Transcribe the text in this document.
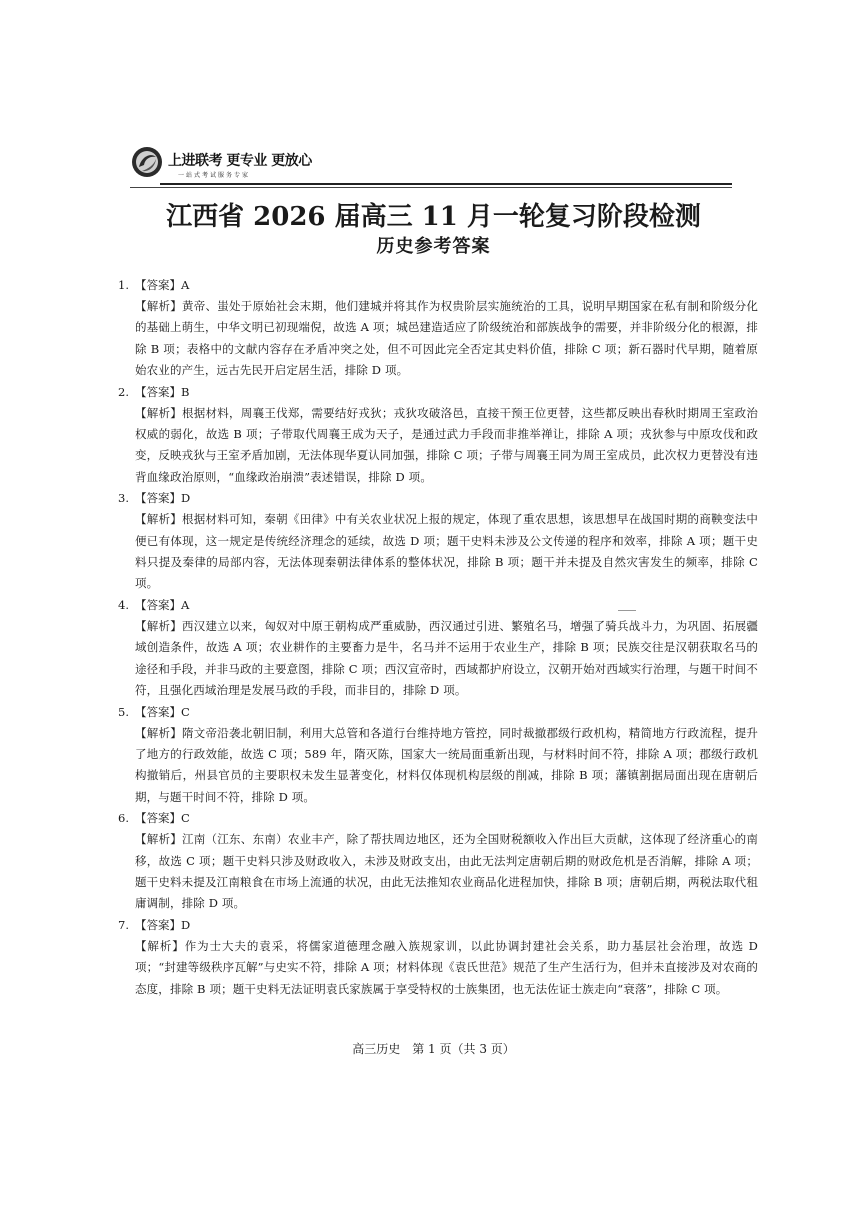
上进联考 更专业 更放心
一站式考试服务专家
江西省 2026 届高三 11 月一轮复习阶段检测
历史参考答案
1. 【答案】A
【解析】黄帝、蚩处于原始社会末期，他们建城并将其作为权贵阶层实施统治的工具，说明早期国家在私有制和阶级分化的基础上萌生，中华文明已初现端倪，故选 A 项；城邑建造适应了阶级统治和部族战争的需要，并非阶级分化的根源，排除 B 项；表格中的文献内容存在矛盾冲突之处，但不可因此完全否定其史料价值，排除 C 项；新石器时代早期，随着原始农业的产生，远古先民开启定居生活，排除 D 项。
2. 【答案】B
【解析】根据材料，周襄王伐郑，需要结好戎狄；戎狄攻破洛邑，直接干预王位更替，这些都反映出春秋时期周王室政治权威的弱化，故选 B 项；子带取代周襄王成为天子，是通过武力手段而非推举禅让，排除 A 项；戎狄参与中原攻伐和政变，反映戎狄与王室矛盾加剧，无法体现华夏认同加强，排除 C 项；子带与周襄王同为周王室成员，此次权力更替没有违背血缘政治原则，“血缘政治崩溃”表述错误，排除 D 项。
3. 【答案】D
【解析】根据材料可知，秦朝《田律》中有关农业状况上报的规定，体现了重农思想，该思想早在战国时期的商鞅变法中便已有体现，这一规定是传统经济理念的延续，故选 D 项；题干史料未涉及公文传递的程序和效率，排除 A 项；题干史料只提及秦律的局部内容，无法体现秦朝法律体系的整体状况，排除 B 项；题干并未提及自然灾害发生的频率，排除 C 项。
4. 【答案】A
【解析】西汉建立以来，匈奴对中原王朝构成严重威胁，西汉通过引进、繁殖名马，增强了骑兵战斗力，为巩固、拓展疆域创造条件，故选 A 项；农业耕作的主要畜力是牛，名马并不运用于农业生产，排除 B 项；民族交往是汉朝获取名马的途径和手段，并非马政的主要意图，排除 C 项；西汉宣帝时，西域都护府设立，汉朝开始对西域实行治理，与题干时间不符，且强化西域治理是发展马政的手段，而非目的，排除 D 项。
5. 【答案】C
【解析】隋文帝沿袭北朝旧制，利用大总管和各道行台维持地方管控，同时裁撤郡级行政机构，精简地方行政流程，提升了地方的行政效能，故选 C 项；589 年，隋灭陈，国家大一统局面重新出现，与材料时间不符，排除 A 项；郡级行政机构撤销后，州县官员的主要职权未发生显著变化，材料仅体现机构层级的削减，排除 B 项；藩镇割据局面出现在唐朝后期，与题干时间不符，排除 D 项。
6. 【答案】C
【解析】江南（江东、东南）农业丰产，除了帮扶周边地区，还为全国财税额收入作出巨大贡献，这体现了经济重心的南移，故选 C 项；题干史料只涉及财政收入，未涉及财政支出，由此无法判定唐朝后期的财政危机是否消解，排除 A 项；题干史料未提及江南粮食在市场上流通的状况，由此无法推知农业商品化进程加快，排除 B 项；唐朝后期，两税法取代租庸调制，排除 D 项。
7. 【答案】D
【解析】作为士大夫的袁采，将儒家道德理念融入族规家训，以此协调封建社会关系，助力基层社会治理，故选 D 项；“封建等级秩序瓦解”与史实不符，排除 A 项；材料体现《袁氏世范》规范了生产生活行为，但并未直接涉及对农商的态度，排除 B 项；题干史料无法证明袁氏家族属于享受特权的士族集团，也无法佐证士族走向“衰落”，排除 C 项。
高三历史　第 1 页（共 3 页）
